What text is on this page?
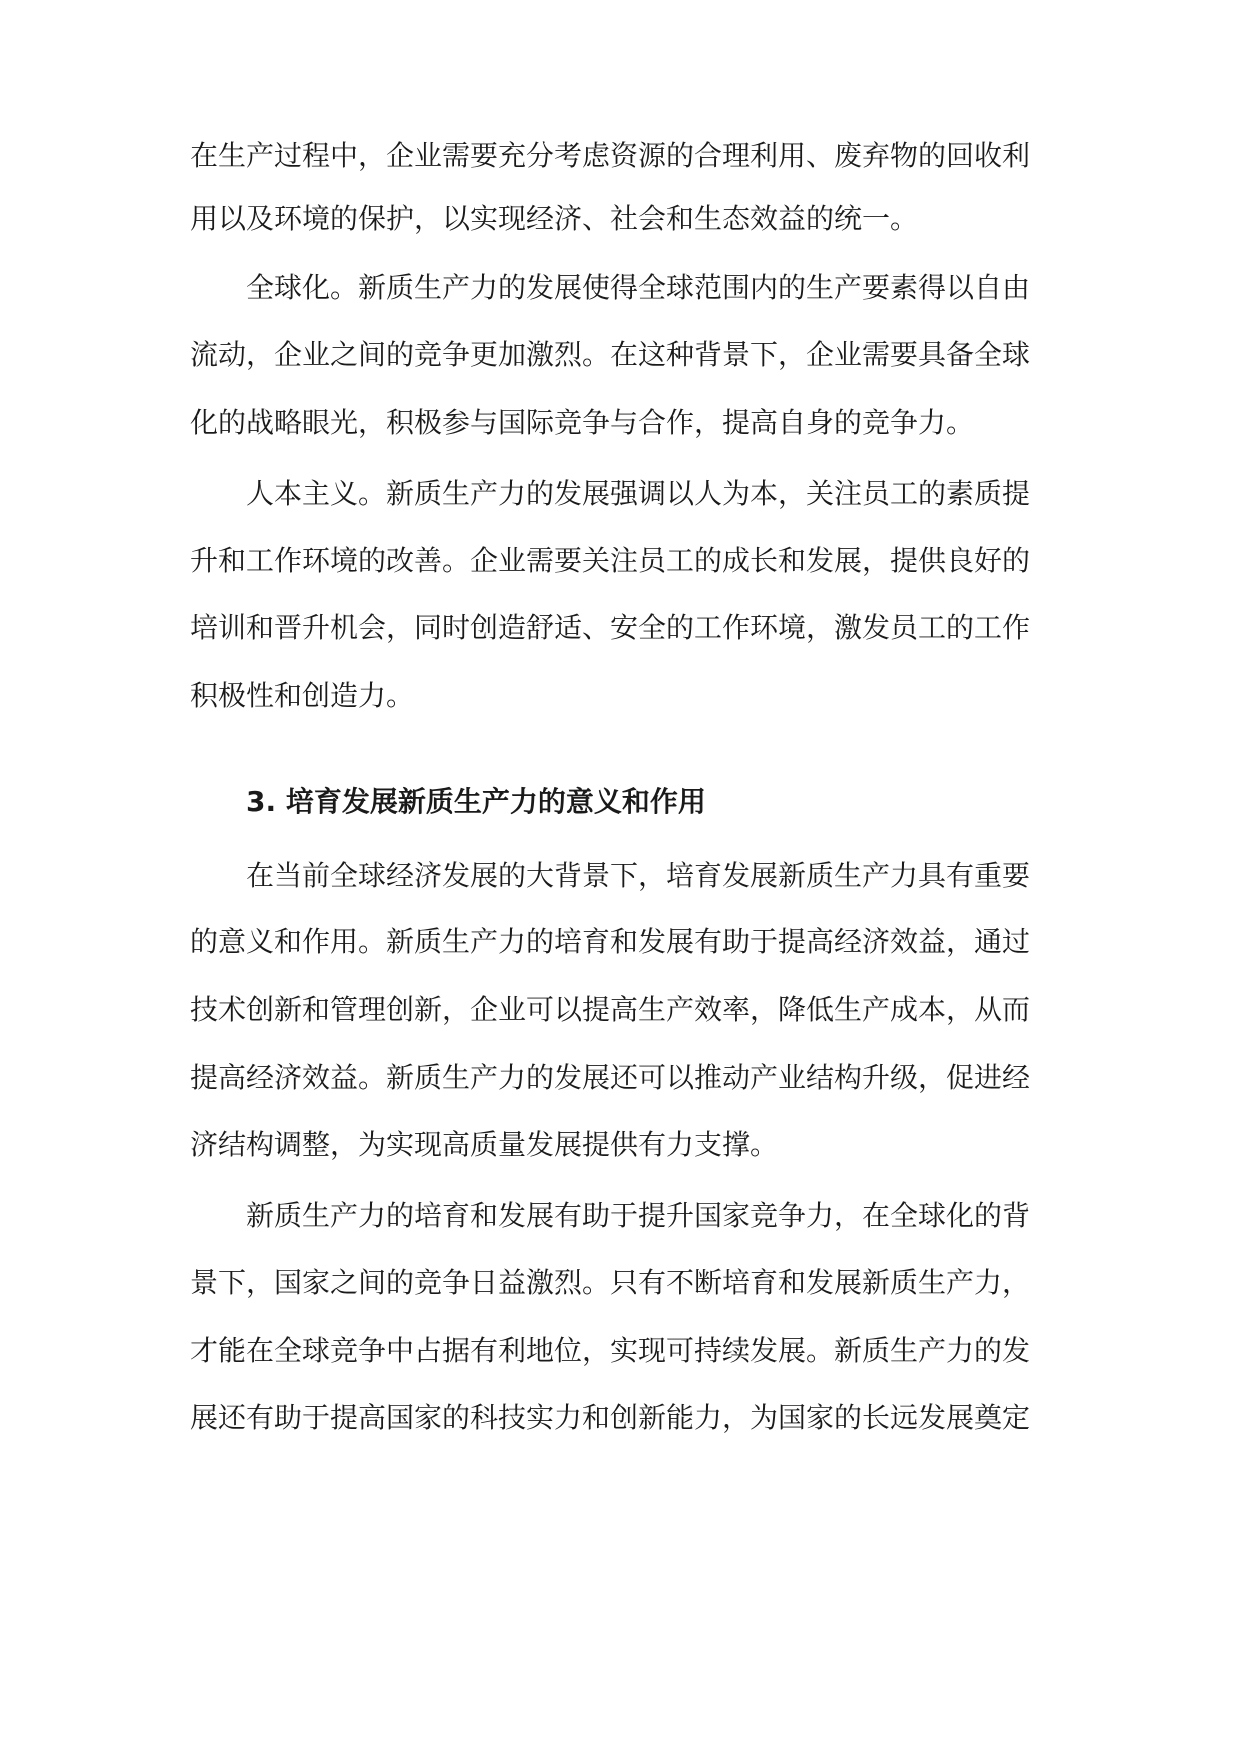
在生产过程中，企业需要充分考虑资源的合理利用、废弃物的回收利

用以及环境的保护，以实现经济、社会和生态效益的统一。

全球化。新质生产力的发展使得全球范围内的生产要素得以自由

流动，企业之间的竞争更加激烈。在这种背景下，企业需要具备全球

化的战略眼光，积极参与国际竞争与合作，提高自身的竞争力。

人本主义。新质生产力的发展强调以人为本，关注员工的素质提

升和工作环境的改善。企业需要关注员工的成长和发展，提供良好的

培训和晋升机会，同时创造舒适、安全的工作环境，激发员工的工作

积极性和创造力。

3. 培育发展新质生产力的意义和作用

在当前全球经济发展的大背景下，培育发展新质生产力具有重要

的意义和作用。新质生产力的培育和发展有助于提高经济效益，通过

技术创新和管理创新，企业可以提高生产效率，降低生产成本，从而

提高经济效益。新质生产力的发展还可以推动产业结构升级，促进经

济结构调整，为实现高质量发展提供有力支撑。

新质生产力的培育和发展有助于提升国家竞争力，在全球化的背

景下，国家之间的竞争日益激烈。只有不断培育和发展新质生产力，

才能在全球竞争中占据有利地位，实现可持续发展。新质生产力的发

展还有助于提高国家的科技实力和创新能力，为国家的长远发展奠定
